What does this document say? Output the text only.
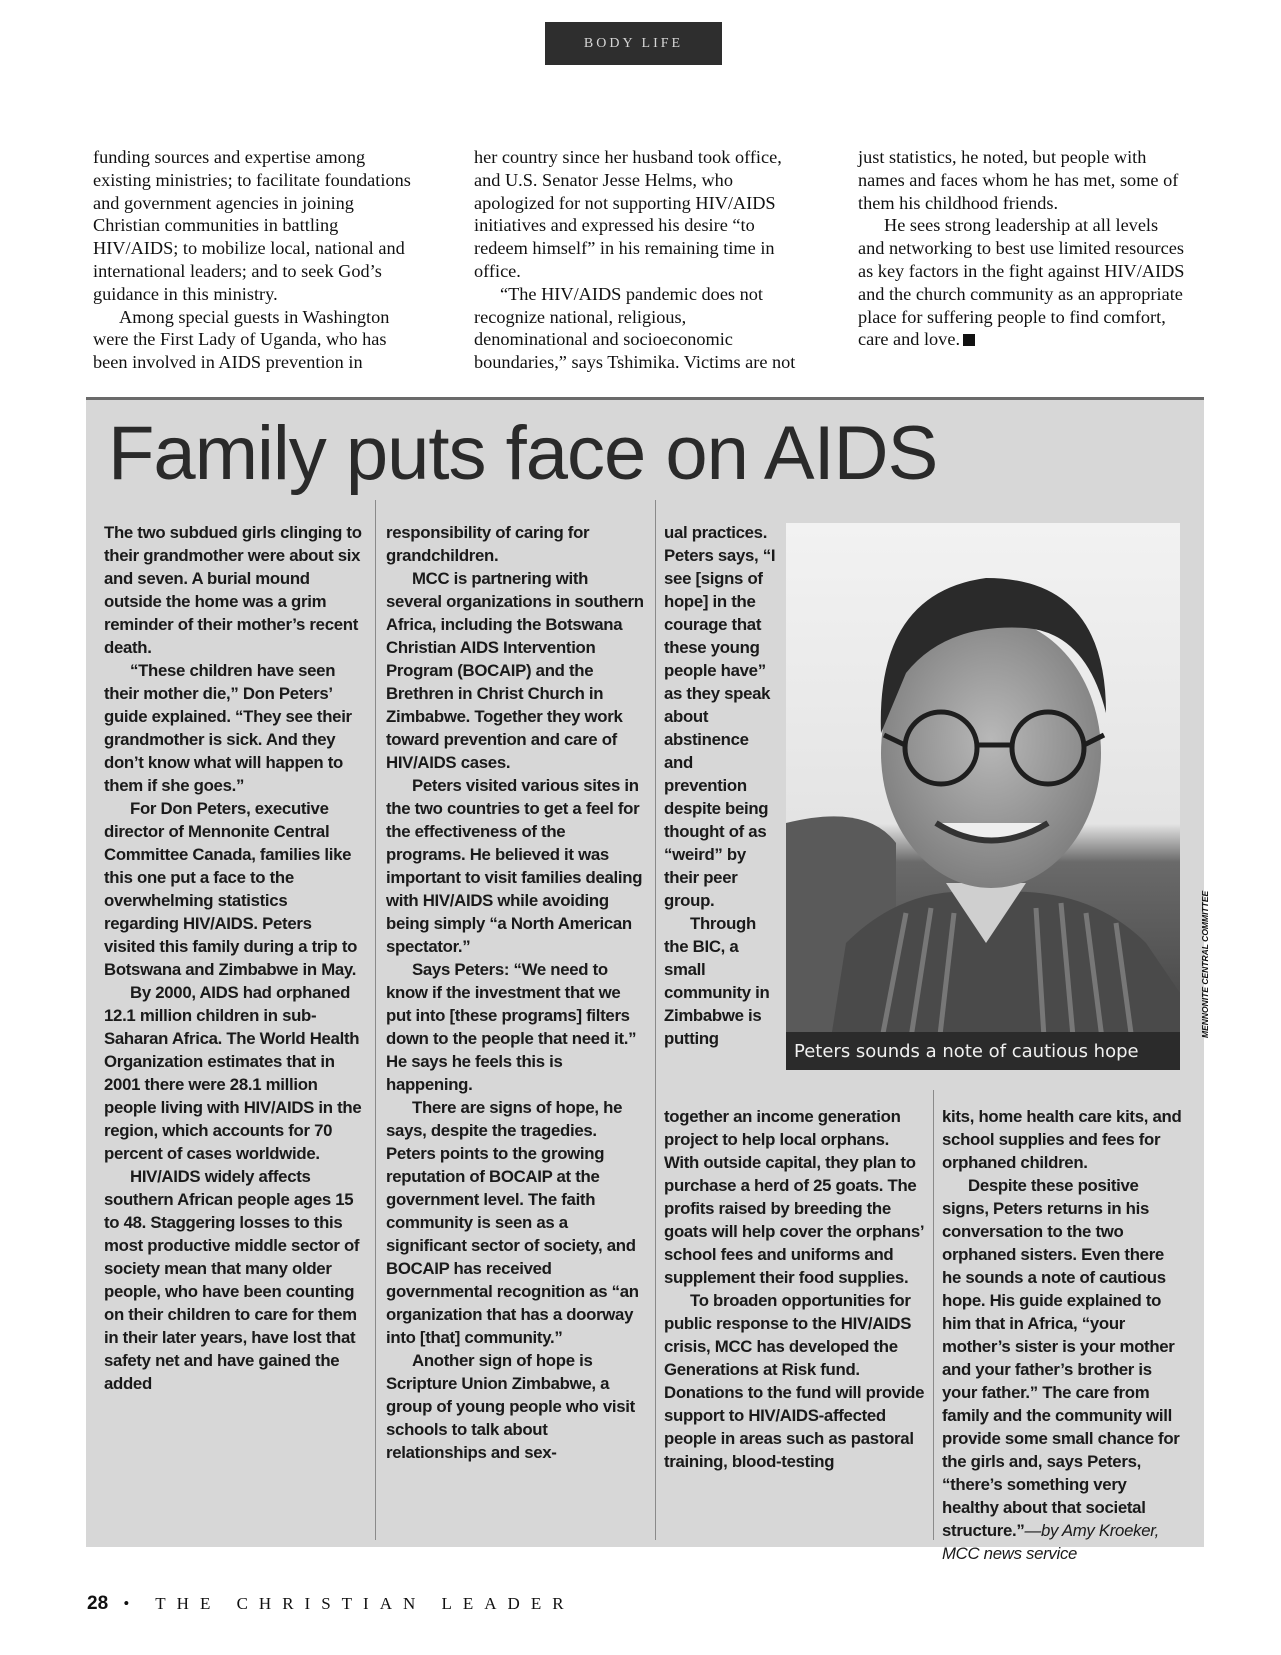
BODY LIFE

funding sources and expertise among existing ministries; to facilitate foundations and government agencies in joining Christian communities in battling HIV/AIDS; to mobilize local, national and international leaders; and to seek God’s guidance in this ministry.

Among special guests in Washington were the First Lady of Uganda, who has been involved in AIDS prevention in

her country since her husband took office, and U.S. Senator Jesse Helms, who apologized for not supporting HIV/AIDS initiatives and expressed his desire “to redeem himself” in his remaining time in office.

“The HIV/AIDS pandemic does not recognize national, religious, denominational and socioeconomic boundaries,” says Tshimika. Victims are not

just statistics, he noted, but people with names and faces whom he has met, some of them his childhood friends.

He sees strong leadership at all levels and networking to best use limited resources as key factors in the fight against HIV/AIDS and the church community as an appropriate place for suffering people to find comfort, care and love.

Family puts face on AIDS

The two subdued girls clinging to their grandmother were about six and seven. A burial mound outside the home was a grim reminder of their mother’s recent death.

“These children have seen their mother die,” Don Peters’ guide explained. “They see their grandmother is sick. And they don’t know what will happen to them if she goes.”

For Don Peters, executive director of Mennonite Central Committee Canada, families like this one put a face to the overwhelming statistics regarding HIV/AIDS. Peters visited this family during a trip to Botswana and Zimbabwe in May.

By 2000, AIDS had orphaned 12.1 million children in sub-Saharan Africa. The World Health Organization estimates that in 2001 there were 28.1 million people living with HIV/AIDS in the region, which accounts for 70 percent of cases worldwide.

HIV/AIDS widely affects southern African people ages 15 to 48. Staggering losses to this most productive middle sector of society mean that many older people, who have been counting on their children to care for them in their later years, have lost that safety net and have gained the added

responsibility of caring for grandchildren.

MCC is partnering with several organizations in southern Africa, including the Botswana Christian AIDS Intervention Program (BOCAIP) and the Brethren in Christ Church in Zimbabwe. Together they work toward prevention and care of HIV/AIDS cases.

Peters visited various sites in the two countries to get a feel for the effectiveness of the programs. He believed it was important to visit families dealing with HIV/AIDS while avoiding being simply “a North American spectator.”

Says Peters: “We need to know if the investment that we put into [these programs] filters down to the people that need it.” He says he feels this is happening.

There are signs of hope, he says, despite the tragedies. Peters points to the growing reputation of BOCAIP at the government level. The faith community is seen as a significant sector of society, and BOCAIP has received governmental recognition as “an organization that has a doorway into [that] community.”

Another sign of hope is Scripture Union Zimbabwe, a group of young people who visit schools to talk about relationships and sex-

ual practices. Peters says, “I see [signs of hope] in the courage that these young people have” as they speak about abstinence and prevention despite being thought of as “weird” by their peer group.

Through the BIC, a small community in Zimbabwe is putting

together an income generation project to help local orphans. With outside capital, they plan to purchase a herd of 25 goats. The profits raised by breeding the goats will help cover the orphans’ school fees and uniforms and supplement their food supplies.

To broaden opportunities for public response to the HIV/AIDS crisis, MCC has developed the Generations at Risk fund. Donations to the fund will provide support to HIV/AIDS-affected people in areas such as pastoral training, blood-testing

kits, home health care kits, and school supplies and fees for orphaned children.

Despite these positive signs, Peters returns in his conversation to the two orphaned sisters. Even there he sounds a note of cautious hope. His guide explained to him that in Africa, “your mother’s sister is your mother and your father’s brother is your father.” The care from family and the community will provide some small chance for the girls and, says Peters, “there’s something very healthy about that societal structure.”—by Amy Kroeker, MCC news service

Peters sounds a note of cautious hope
MENNONITE CENTRAL COMMITTEE
28 • THE CHRISTIAN LEADER
